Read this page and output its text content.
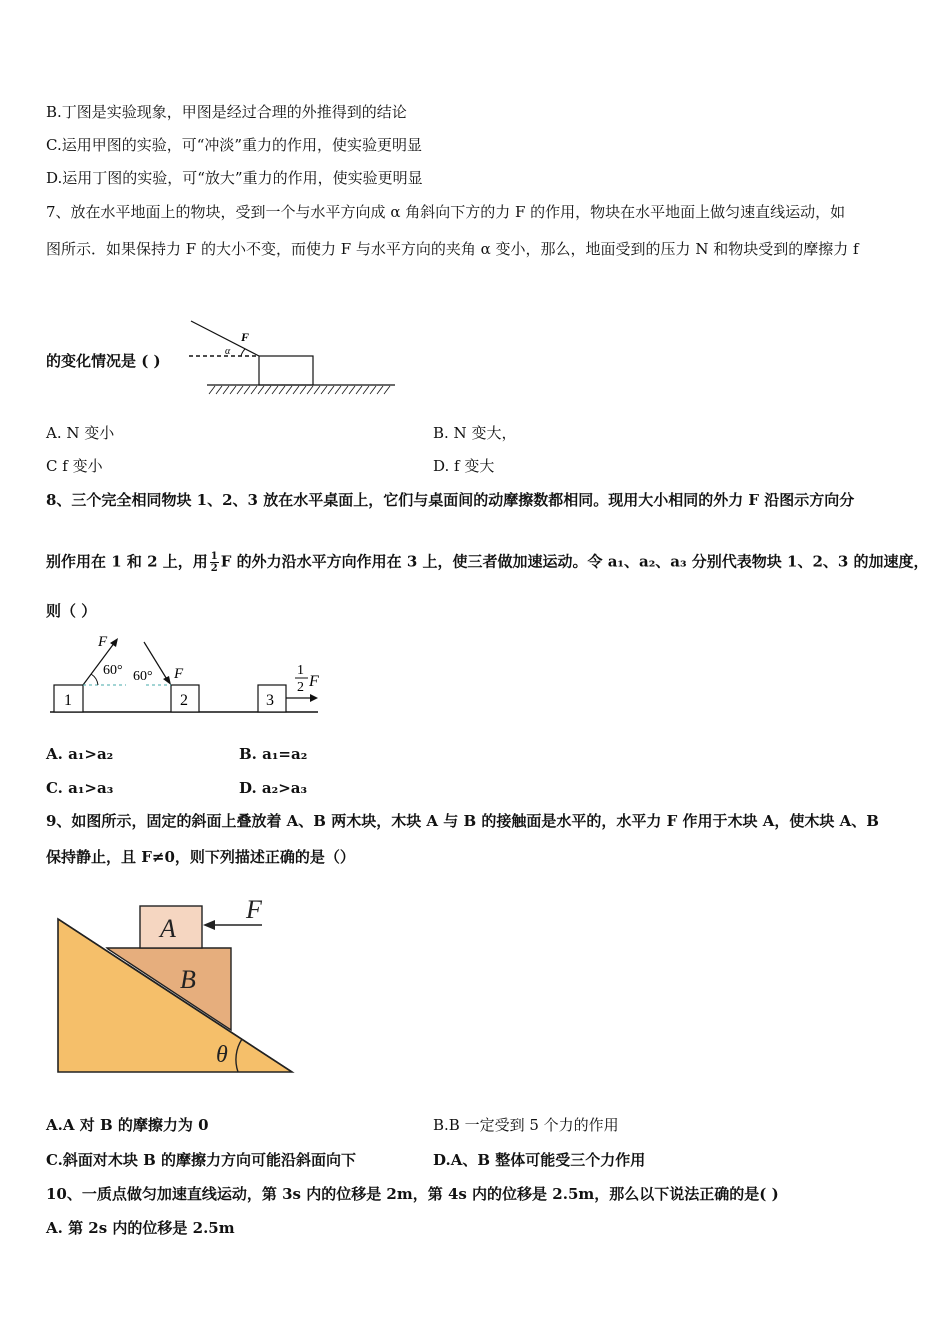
B.丁图是实验现象，甲图是经过合理的外推得到的结论
C.运用甲图的实验，可“冲淡”重力的作用，使实验更明显
D.运用丁图的实验，可“放大”重力的作用，使实验更明显
7、放在水平地面上的物块，受到一个与水平方向成 α 角斜向下方的力 F 的作用，物块在水平地面上做匀速直线运动，如
图所示．如果保持力 F 的大小不变，而使力 F 与水平方向的夹角 α 变小，那么，地面受到的压力 N 和物块受到的摩擦力 f
的变化情况是 ( )
α
F
A. N 变小	B. N 变大，
C f 变小	D. f 变大
8、三个完全相同物块 1、2、3 放在水平桌面上，它们与桌面间的动摩擦数都相同。现用大小相同的外力 F 沿图示方向分
别作用在 1 和 2 上，用 $\frac{1}{2}$ F 的外力沿水平方向作用在 3 上，使三者做加速运动。令 a₁、a₂、a₃ 分别代表物块 1、2、3 的加速度，
则（ ）
1
F
60°
2
F
60°
3
1
2 F
A. a₁>a₂	B. a₁=a₂
C. a₁>a₃	D. a₂>a₃
9、如图所示，固定的斜面上叠放着 A、B 两木块，木块 A 与 B 的接触面是水平的，水平力 F 作用于木块 A，使木块 A、B
保持静止，且 F≠0，则下列描述正确的是（）
B
A
F
θ
A.A 对 B 的摩擦力为 0	B.B 一定受到 5 个力的作用
C.斜面对木块 B 的摩擦力方向可能沿斜面向下	D.A、B 整体可能受三个力作用
10、一质点做匀加速直线运动，第 3s 内的位移是 2m，第 4s 内的位移是 2.5m，那么以下说法正确的是( )
A. 第 2s 内的位移是 2.5m
